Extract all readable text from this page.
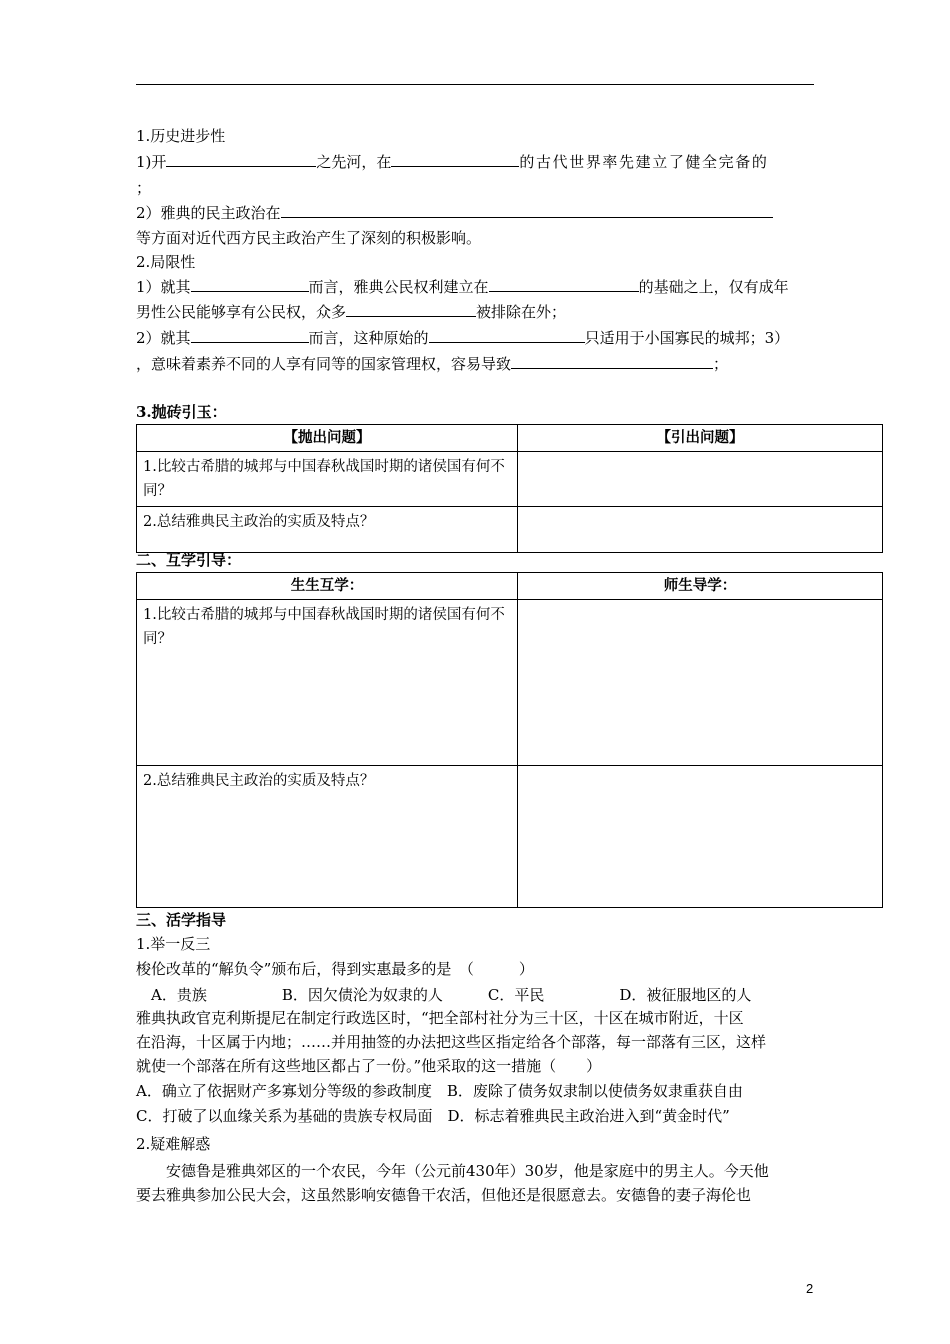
1.历史进步性
1)开	之先河，在	的古代世界率先建立了健全完备的
；
2）雅典的民主政治在
等方面对近代西方民主政治产生了深刻的积极影响。
2.局限性
1）就其	而言，雅典公民权利建立在	的基础之上，仅有成年
男性公民能够享有公民权，众多	被排除在外；
2）就其	而言，这种原始的	只适用于小国寡民的城邦；3）
，意味着素养不同的人享有同等的国家管理权，容易导致	；
3.抛砖引玉：
【抛出问题】	【引出问题】
1.比较古希腊的城邦与中国春秋战国时期的诸侯国有何不同？	
2.总结雅典民主政治的实质及特点？	
二、互学引导：
生生互学：	师生导学：
1.比较古希腊的城邦与中国春秋战国时期的诸侯国有何不同？	
2.总结雅典民主政治的实质及特点？	
三、活学指导
1.举一反三
梭伦改革的“解负令”颁布后，得到实惠最多的是　（　　　）
　A．贵族　　　　　B．因欠债沦为奴隶的人　　　C．平民　　　　　D．被征服地区的人
雅典执政官克利斯提尼在制定行政选区时，“把全部村社分为三十区，十区在城市附近，十区
在沿海，十区属于内地；……并用抽签的办法把这些区指定给各个部落，每一部落有三区，这样
就使一个部落在所有这些地区都占了一份。”他采取的这一措施（　　）
A．确立了依据财产多寡划分等级的参政制度　B．废除了债务奴隶制以使债务奴隶重获自由
C．打破了以血缘关系为基础的贵族专权局面　D．标志着雅典民主政治进入到“黄金时代”
2.疑难解惑
　　安德鲁是雅典郊区的一个农民，今年（公元前430年）30岁，他是家庭中的男主人。今天他
要去雅典参加公民大会，这虽然影响安德鲁干农活，但他还是很愿意去。安德鲁的妻子海伦也
2
